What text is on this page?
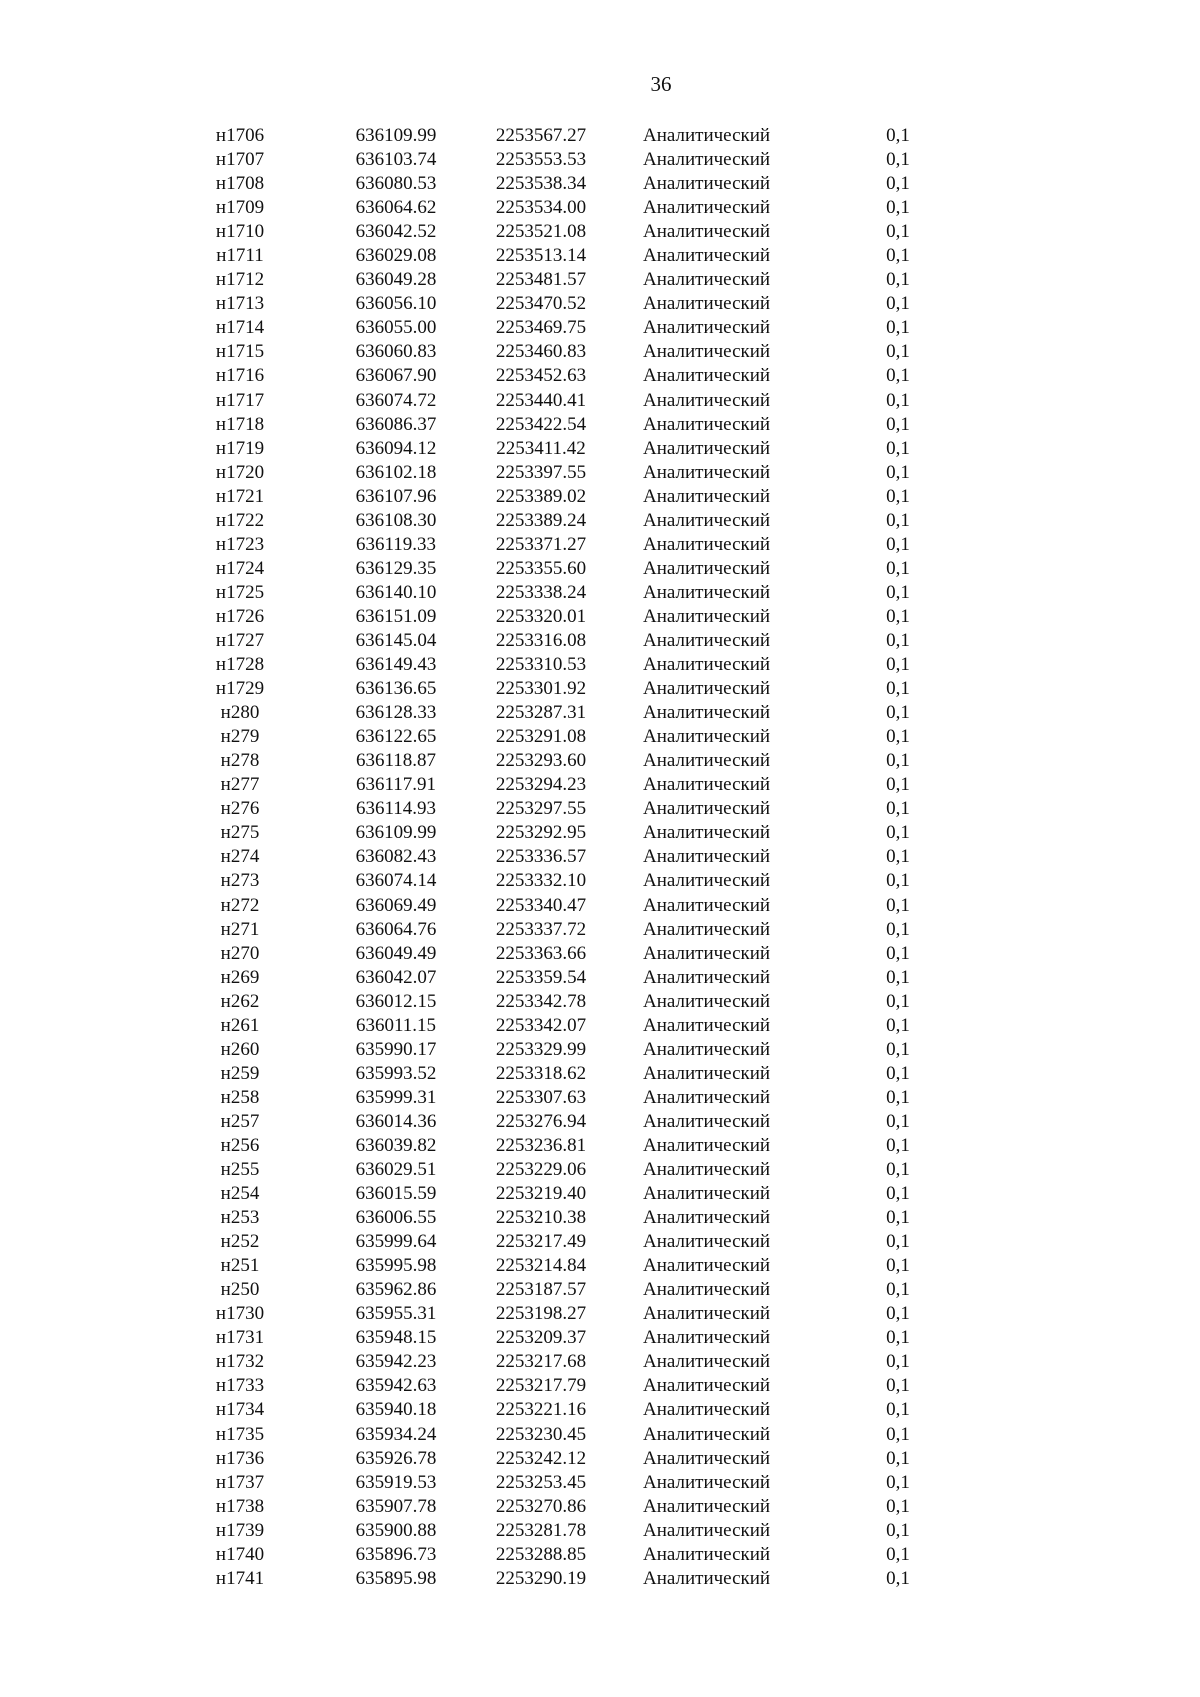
36
н1706	636109.99	2253567.27	Аналитический	0,1
н1707	636103.74	2253553.53	Аналитический	0,1
н1708	636080.53	2253538.34	Аналитический	0,1
н1709	636064.62	2253534.00	Аналитический	0,1
н1710	636042.52	2253521.08	Аналитический	0,1
н1711	636029.08	2253513.14	Аналитический	0,1
н1712	636049.28	2253481.57	Аналитический	0,1
н1713	636056.10	2253470.52	Аналитический	0,1
н1714	636055.00	2253469.75	Аналитический	0,1
н1715	636060.83	2253460.83	Аналитический	0,1
н1716	636067.90	2253452.63	Аналитический	0,1
н1717	636074.72	2253440.41	Аналитический	0,1
н1718	636086.37	2253422.54	Аналитический	0,1
н1719	636094.12	2253411.42	Аналитический	0,1
н1720	636102.18	2253397.55	Аналитический	0,1
н1721	636107.96	2253389.02	Аналитический	0,1
н1722	636108.30	2253389.24	Аналитический	0,1
н1723	636119.33	2253371.27	Аналитический	0,1
н1724	636129.35	2253355.60	Аналитический	0,1
н1725	636140.10	2253338.24	Аналитический	0,1
н1726	636151.09	2253320.01	Аналитический	0,1
н1727	636145.04	2253316.08	Аналитический	0,1
н1728	636149.43	2253310.53	Аналитический	0,1
н1729	636136.65	2253301.92	Аналитический	0,1
н280	636128.33	2253287.31	Аналитический	0,1
н279	636122.65	2253291.08	Аналитический	0,1
н278	636118.87	2253293.60	Аналитический	0,1
н277	636117.91	2253294.23	Аналитический	0,1
н276	636114.93	2253297.55	Аналитический	0,1
н275	636109.99	2253292.95	Аналитический	0,1
н274	636082.43	2253336.57	Аналитический	0,1
н273	636074.14	2253332.10	Аналитический	0,1
н272	636069.49	2253340.47	Аналитический	0,1
н271	636064.76	2253337.72	Аналитический	0,1
н270	636049.49	2253363.66	Аналитический	0,1
н269	636042.07	2253359.54	Аналитический	0,1
н262	636012.15	2253342.78	Аналитический	0,1
н261	636011.15	2253342.07	Аналитический	0,1
н260	635990.17	2253329.99	Аналитический	0,1
н259	635993.52	2253318.62	Аналитический	0,1
н258	635999.31	2253307.63	Аналитический	0,1
н257	636014.36	2253276.94	Аналитический	0,1
н256	636039.82	2253236.81	Аналитический	0,1
н255	636029.51	2253229.06	Аналитический	0,1
н254	636015.59	2253219.40	Аналитический	0,1
н253	636006.55	2253210.38	Аналитический	0,1
н252	635999.64	2253217.49	Аналитический	0,1
н251	635995.98	2253214.84	Аналитический	0,1
н250	635962.86	2253187.57	Аналитический	0,1
н1730	635955.31	2253198.27	Аналитический	0,1
н1731	635948.15	2253209.37	Аналитический	0,1
н1732	635942.23	2253217.68	Аналитический	0,1
н1733	635942.63	2253217.79	Аналитический	0,1
н1734	635940.18	2253221.16	Аналитический	0,1
н1735	635934.24	2253230.45	Аналитический	0,1
н1736	635926.78	2253242.12	Аналитический	0,1
н1737	635919.53	2253253.45	Аналитический	0,1
н1738	635907.78	2253270.86	Аналитический	0,1
н1739	635900.88	2253281.78	Аналитический	0,1
н1740	635896.73	2253288.85	Аналитический	0,1
н1741	635895.98	2253290.19	Аналитический	0,1
